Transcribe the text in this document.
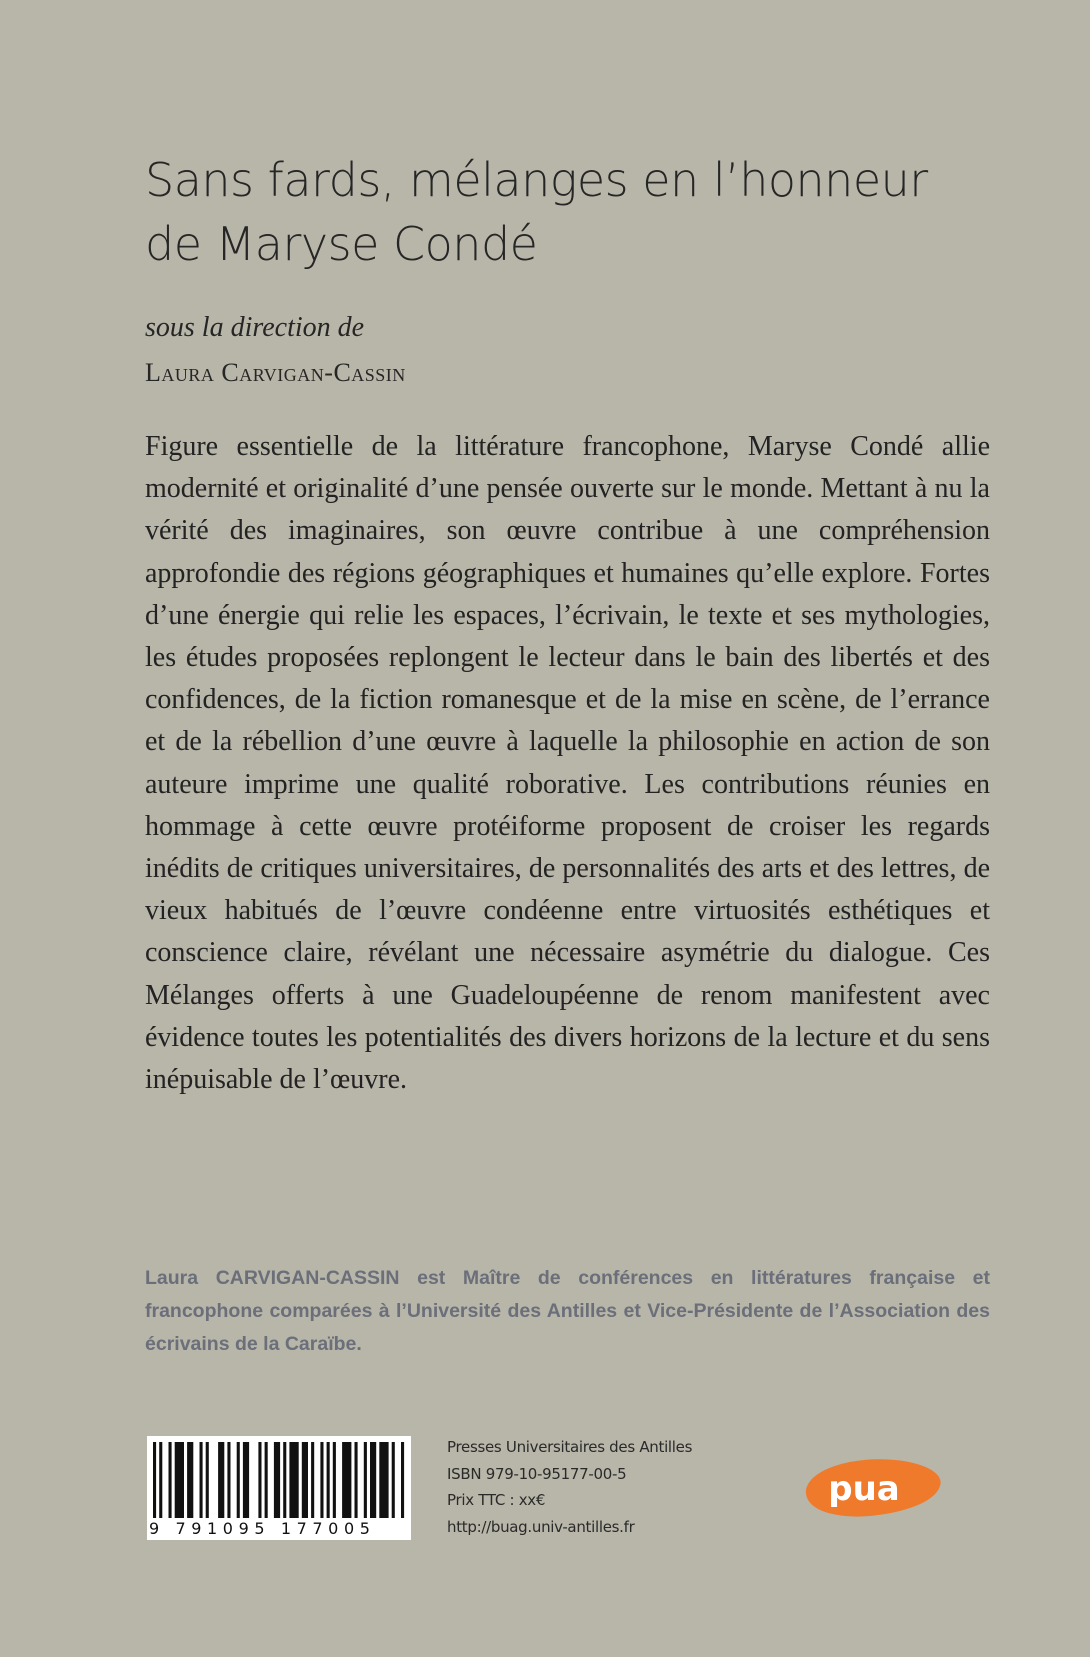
Sans fards, mélanges en l’honneur
de Maryse Condé
sous la direction de
Laura Carvigan-Cassin

Figure essentielle de la littérature francophone, Maryse Condé allie modernité et originalité d’une pensée ouverte sur le monde. Mettant à nu la vérité des imaginaires, son œuvre contribue à une compréhension approfondie des régions géographiques et humaines qu’elle explore. Fortes d’une énergie qui relie les espaces, l’écrivain, le texte et ses mythologies, les études proposées replongent le lecteur dans le bain des libertés et des confidences, de la fiction romanesque et de la mise en scène, de l’errance et de la rébellion d’une œuvre à laquelle la philosophie en action de son auteure imprime une qualité roborative. Les contributions réunies en hommage à cette œuvre protéiforme proposent de croiser les regards inédits de critiques universitaires, de personnalités des arts et des lettres, de vieux habitués de l’œuvre condéenne entre virtuosités esthétiques et conscience claire, révélant une nécessaire asymétrie du dialogue. Ces Mélanges offerts à une Guadeloupéenne de renom manifestent avec évidence toutes les potentialités des divers horizons de la lecture et du sens inépuisable de l’œuvre.

Laura CARVIGAN-CASSIN est Maître de conférences en littératures française et francophone comparées à l’Université des Antilles et Vice-Présidente de l’Association des écrivains de la Caraïbe.

9 791095 177005
Presses Universitaires des Antilles
ISBN 979-10-95177-00-5
Prix TTC : xx€
http://buag.univ-antilles.fr
pua
